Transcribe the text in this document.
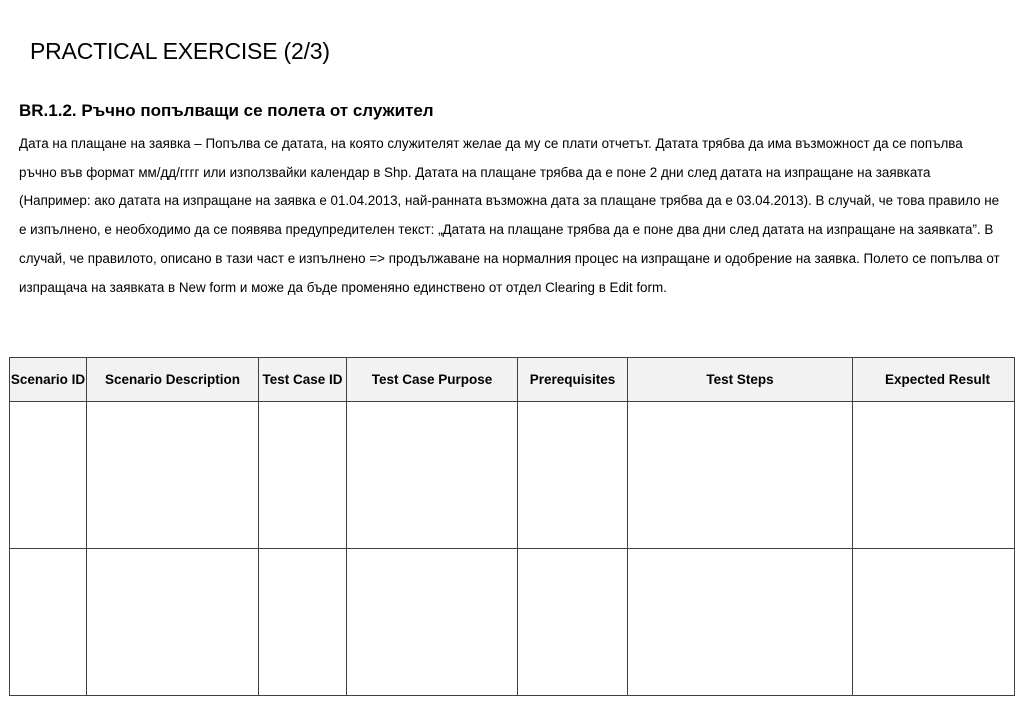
PRACTICAL EXERCISE (2/3)
BR.1.2. Ръчно попълващи се полета от служител

Дата на плащане на заявка – Попълва се датата, на която служителят желае да му се плати отчетът. Датата трябва да има възможност да се попълва ръчно във формат мм/дд/гггг или използвайки календар в Shp. Датата на плащане трябва да е поне 2 дни след датата на изпращане на заявката (Например: ако датата на изпращане на заявка е 01.04.2013, най-ранната възможна дата за плащане трябва да е 03.04.2013). В случай, че това правило не е изпълнено, е необходимо да се появява предупредителен текст: „Датата на плащане трябва да е поне два дни след датата на изпращане на заявката”. В случай, че правилото, описано в тази част е изпълнено => продължаване на нормалния процес на изпращане и одобрение на заявка. Полето се попълва от изпращача на заявката в New form и може да бъде променяно единствено от отдел Clearing в Edit form.

Scenario ID	Scenario Description	Test Case ID	Test Case Purpose	Prerequisites	Test Steps	Expected Result
